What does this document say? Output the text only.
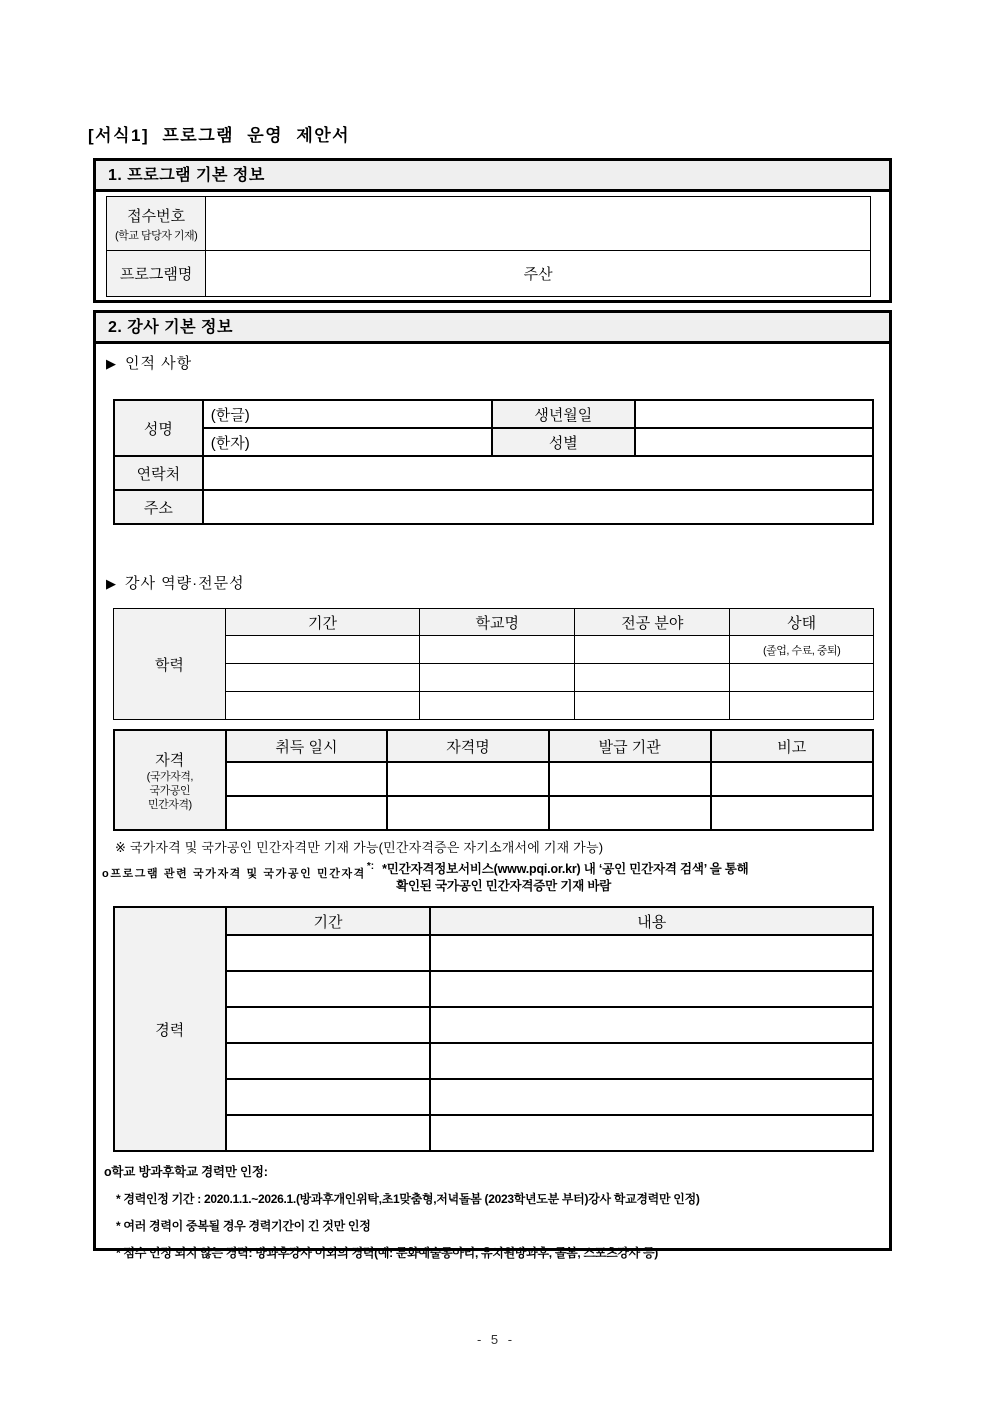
[서식1] 프로그램 운영 제안서
1. 프로그램 기본 정보
접수번호
(학교 담당자 기재)	

프로그램명	주산
2. 강사 기본 정보
▶ 인적 사항
성명	(한글)	생년월일	
	(한자)	성별	
연락처			
주소			
▶ 강사 역량·전문성
학력	기간	학교명	전공 분야	상태
				(졸업, 수료, 중퇴)

자격
(국가자격,
국가공인
민간자격)	취득 일시	자격명	발급 기관	비고

※ 국가자격 및 국가공인 민간자격만 기재 가능(민간자격증은 자기소개서에 기재 가능)
o프로그램 관련 국가자격 및 국가공인 민간자격
*: *민간자격정보서비스(www.pqi.or.kr) 내 ‘공인 민간자격 검색’ 을 통해
확인된 국가공인 민간자격증만 기재 바람
경력	기간	내용

o학교 방과후학교 경력만 인정:
* 경력인정 기간 : 2020.1.1.~2026.1.(방과후개인위탁,초1맞춤형,저녁돌봄 (2023학년도분 부터)강사 학교경력만 인정)
* 여러 경력이 중복될 경우 경력기간이 긴 것만 인정
* 점수 인정 되지 않는 경력: 방과후강사 이외의 경력(예: 문화예술동아리, 유치원방과후, 돌봄, 스포츠강사 등)
- 5 -
